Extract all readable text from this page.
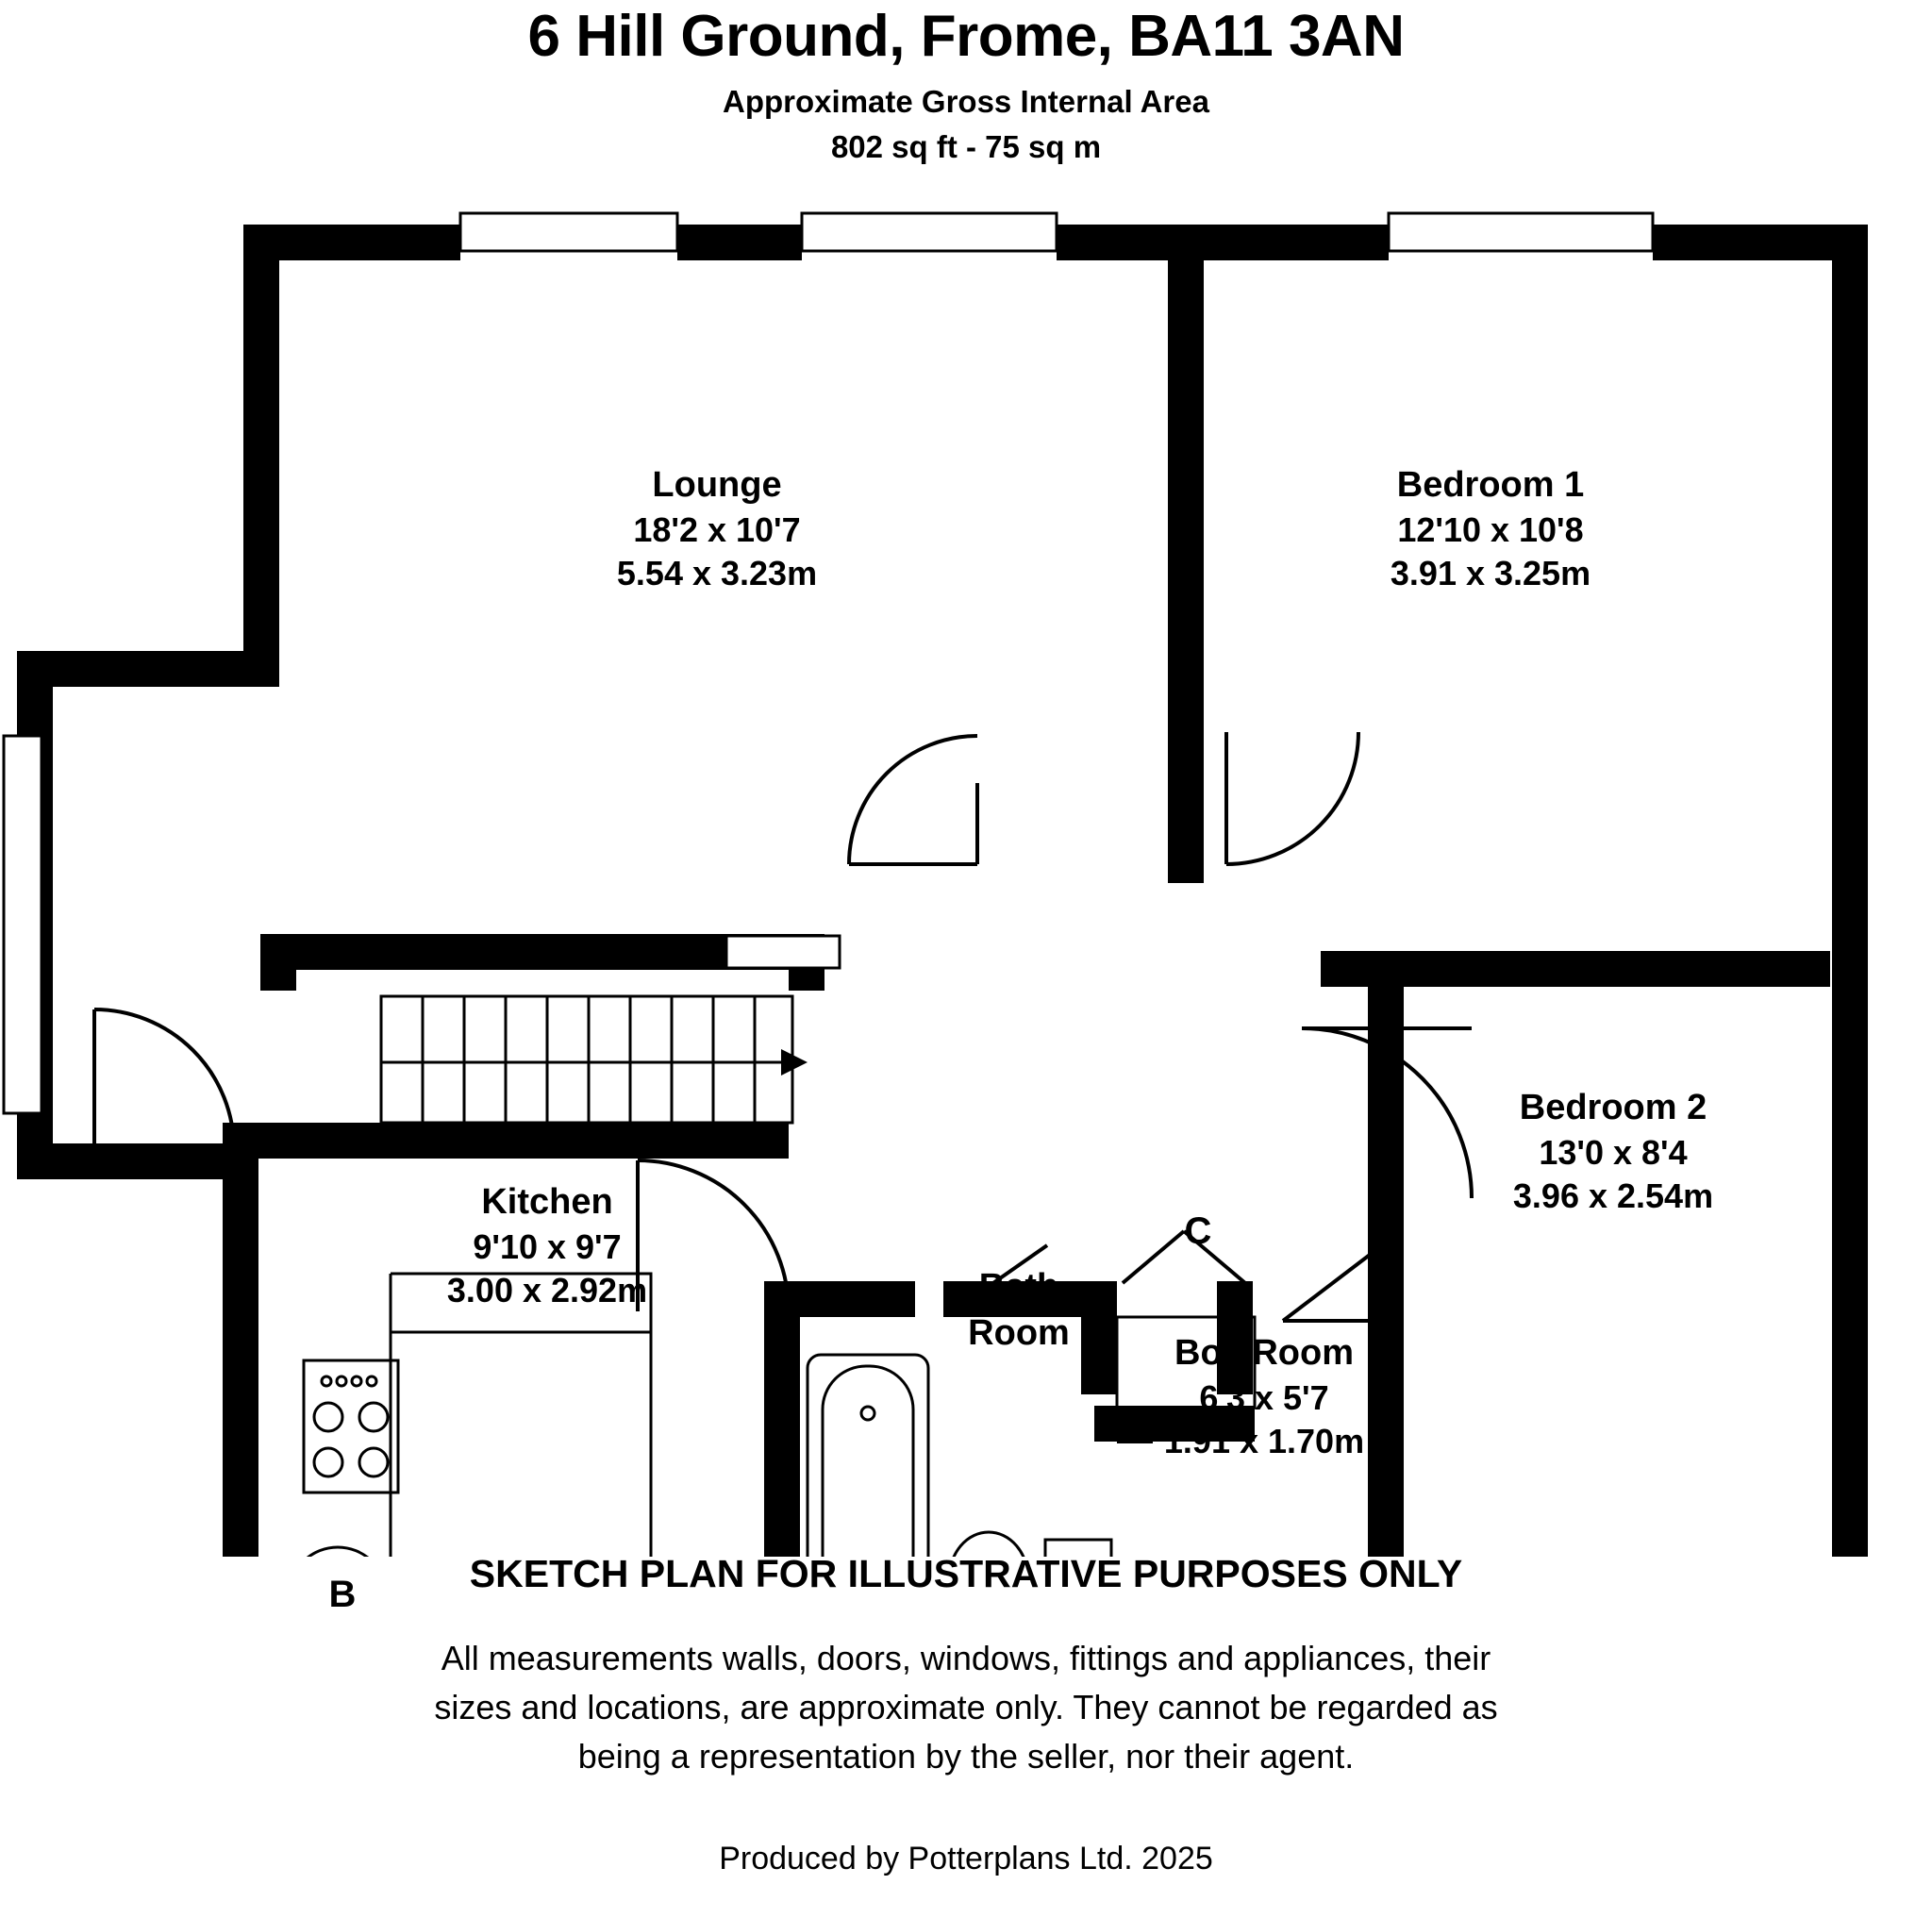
6 Hill Ground, Frome, BA11 3AN
Approximate Gross Internal Area
802 sq ft - 75 sq m
Lounge
18'2 x 10'7
5.54 x 3.23m
Bedroom 1
12'10 x 10'8
3.91 x 3.25m
Bedroom 2
13'0 x 8'4
3.96 x 2.54m
Kitchen
9'10 x 9'7
3.00 x 2.92m	Bath
Room
Box Room
6'3 x 5'7
1.91 x 1.70m
C
B	SKETCH PLAN FOR ILLUSTRATIVE PURPOSES ONLY
All measurements walls, doors, windows, fittings and appliances, their
sizes and locations, are approximate only. They cannot be regarded as
being a representation by the seller, nor their agent.
Produced by Potterplans Ltd. 2025
